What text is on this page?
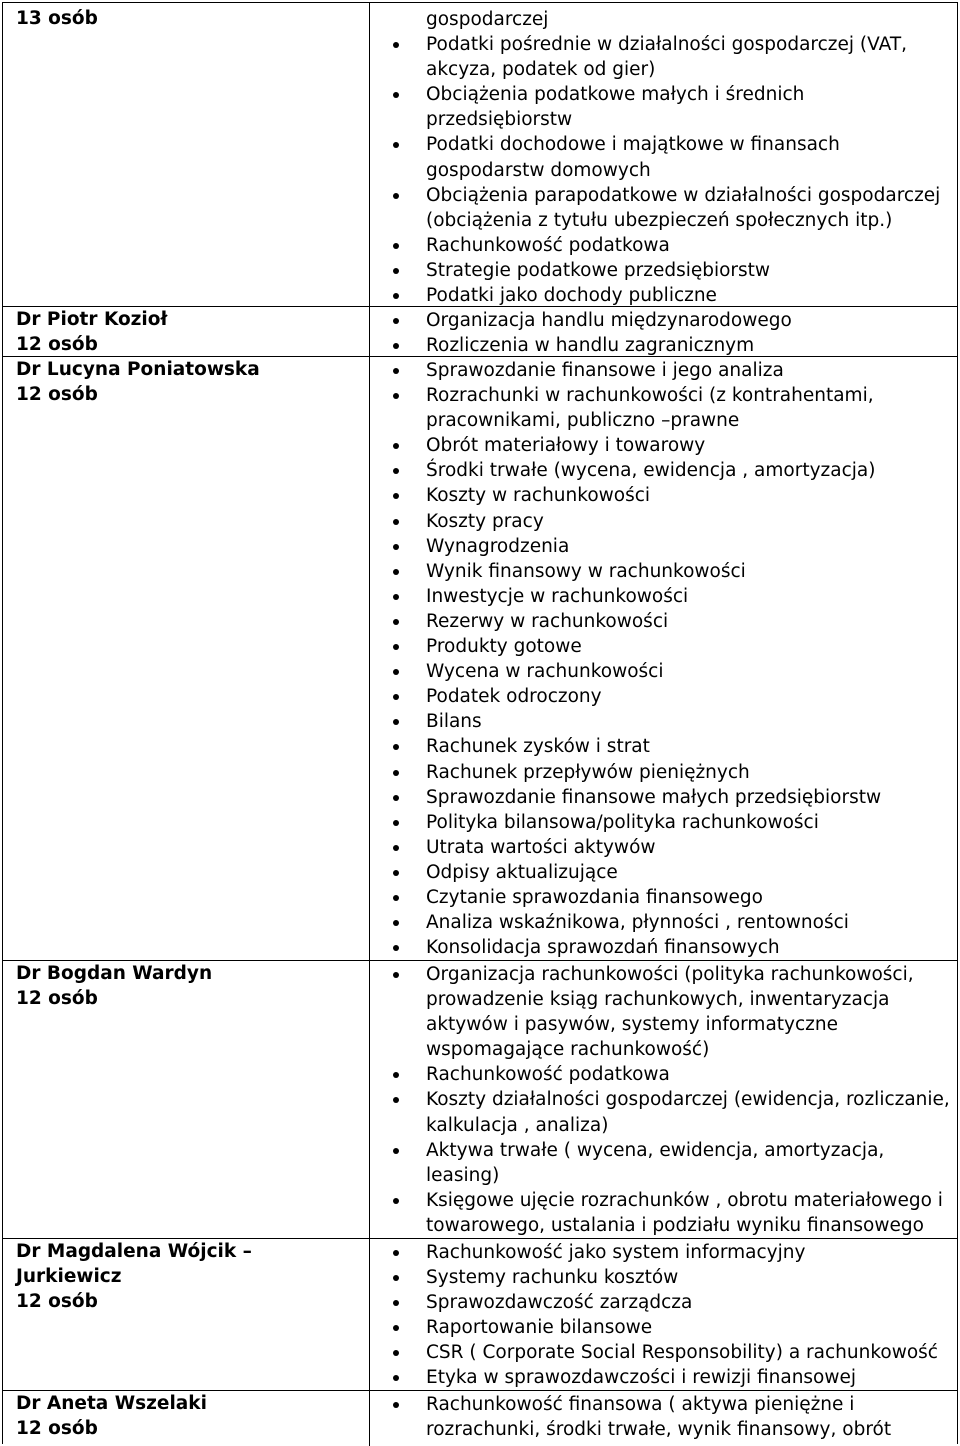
13 osób	gospodarczej
Podatki pośrednie w działalności gospodarczej (VAT,
akcyza, podatek od gier)
Obciążenia podatkowe małych i średnich
przedsiębiorstw
Podatki dochodowe i majątkowe w finansach
gospodarstw domowych
Obciążenia parapodatkowe w działalności gospodarczej
(obciążenia z tytułu ubezpieczeń społecznych itp.)
Rachunkowość podatkowa
Strategie podatkowe przedsiębiorstw
Podatki jako dochody publiczne
Dr Piotr Kozioł
12 osób
Organizacja handlu międzynarodowego
Rozliczenia w handlu zagranicznym
Dr Lucyna Poniatowska
12 osób
Sprawozdanie finansowe i jego analiza
Rozrachunki w rachunkowości (z kontrahentami,
pracownikami, publiczno –prawne
Obrót materiałowy i towarowy
Środki trwałe (wycena, ewidencja , amortyzacja)
Koszty w rachunkowości
Koszty pracy
Wynagrodzenia
Wynik finansowy w rachunkowości
Inwestycje w rachunkowości
Rezerwy w rachunkowości
Produkty gotowe
Wycena w rachunkowości
Podatek odroczony
Bilans
Rachunek zysków i strat
Rachunek przepływów pieniężnych
Sprawozdanie finansowe małych przedsiębiorstw
Polityka bilansowa/polityka rachunkowości
Utrata wartości aktywów
Odpisy aktualizujące
Czytanie sprawozdania finansowego
Analiza wskaźnikowa, płynności , rentowności
Konsolidacja sprawozdań finansowych
Dr Bogdan Wardyn
12 osób
Organizacja rachunkowości (polityka rachunkowości,
prowadzenie ksiąg rachunkowych, inwentaryzacja
aktywów i pasywów, systemy informatyczne
wspomagające rachunkowość)
Rachunkowość podatkowa
Koszty działalności gospodarczej (ewidencja, rozliczanie,
kalkulacja , analiza)
Aktywa trwałe ( wycena, ewidencja, amortyzacja,
leasing)
Księgowe ujęcie rozrachunków , obrotu materiałowego i
towarowego, ustalania i podziału wyniku finansowego
Dr Magdalena Wójcik –
Jurkiewicz
12 osób
Rachunkowość jako system informacyjny
Systemy rachunku kosztów
Sprawozdawczość zarządcza
Raportowanie bilansowe
CSR ( Corporate Social Responsobility) a rachunkowość
Etyka w sprawozdawczości i rewizji finansowej
Dr Aneta Wszelaki
12 osób
Rachunkowość finansowa ( aktywa pieniężne i
rozrachunki, środki trwałe, wynik finansowy, obrót
